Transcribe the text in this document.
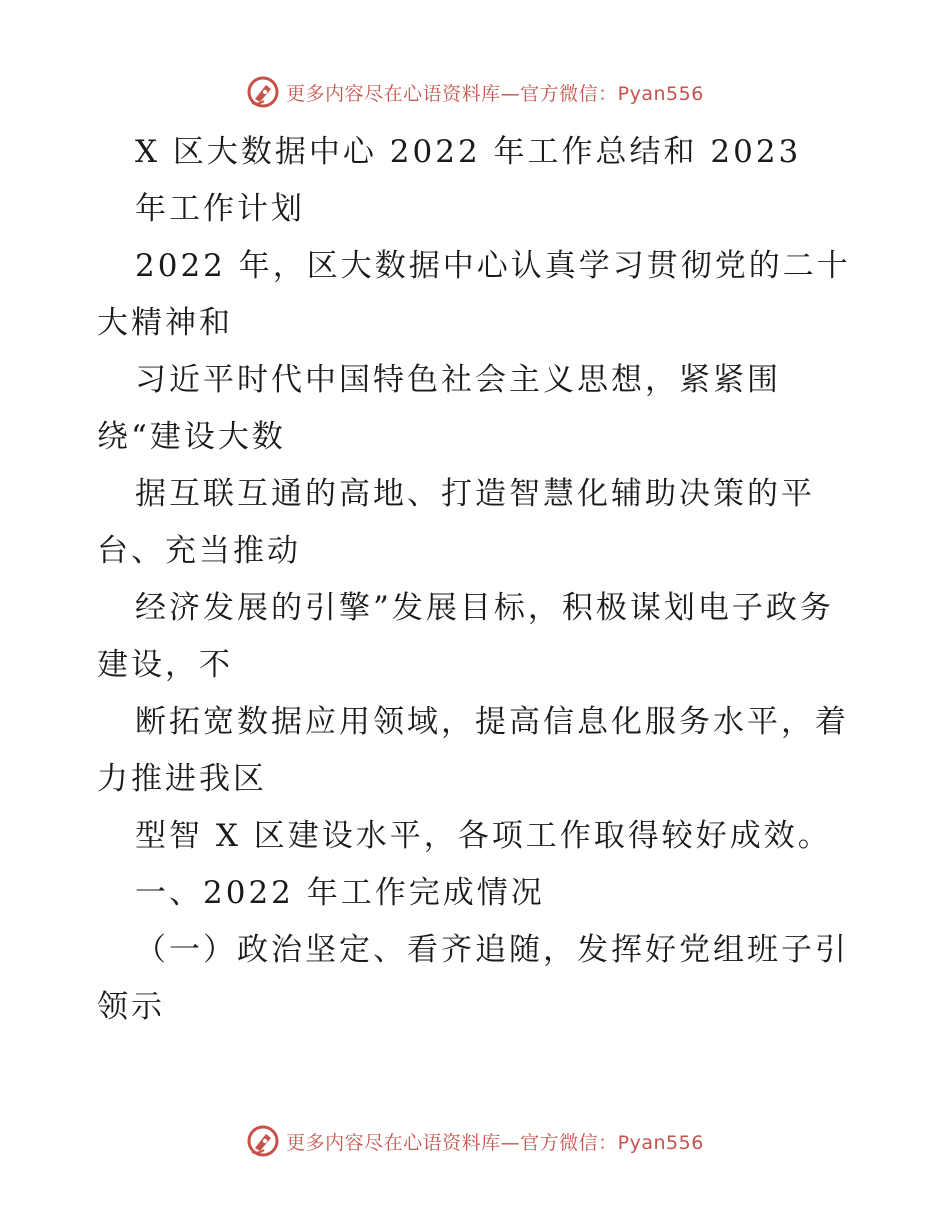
更多内容尽在心语资料库—官方微信：Pyan556
X 区大数据中心 2022 年工作总结和 2023
年工作计划
2022 年，区大数据中心认真学习贯彻党的二十
大精神和
习近平时代中国特色社会主义思想，紧紧围
绕“建设大数
据互联互通的高地、打造智慧化辅助决策的平
台、充当推动
经济发展的引擎”发展目标，积极谋划电子政务
建设，不
断拓宽数据应用领域，提高信息化服务水平，着
力推进我区
型智 X 区建设水平，各项工作取得较好成效。
一、2022 年工作完成情况
（一）政治坚定、看齐追随，发挥好党组班子引
领示
更多内容尽在心语资料库—官方微信：Pyan556
